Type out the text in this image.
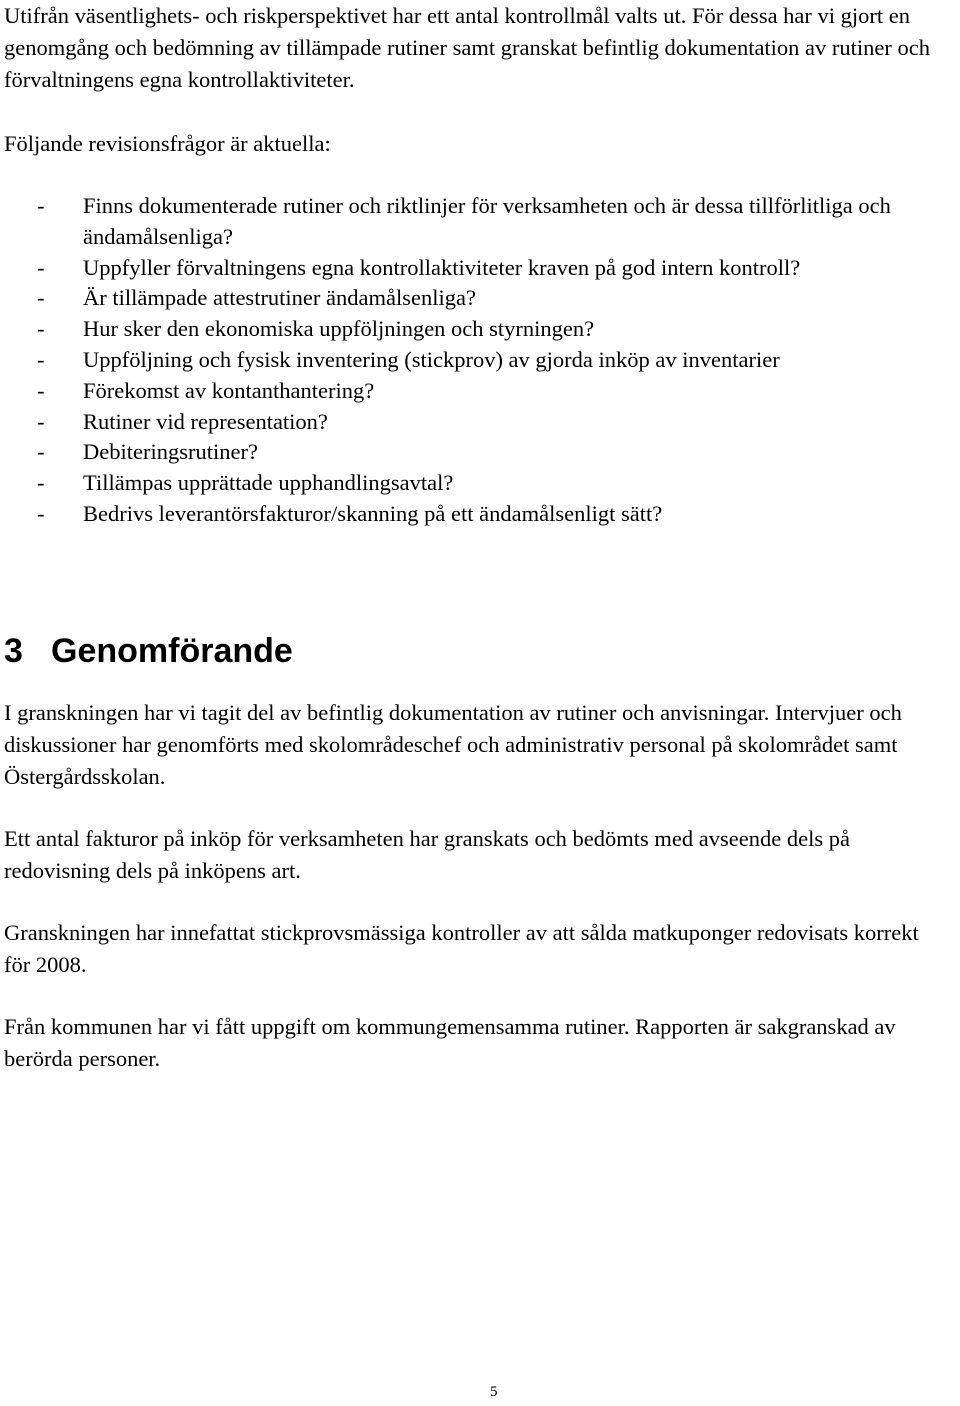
Utifrån väsentlighets- och riskperspektivet har ett antal kontrollmål valts ut. För dessa har vi gjort en genomgång och bedömning av tillämpade rutiner samt granskat befintlig dokumentation av rutiner och förvaltningens egna kontrollaktiviteter.

Följande revisionsfrågor är aktuella:

- Finns dokumenterade rutiner och riktlinjer för verksamheten och är dessa tillförlitliga och ändamålsenliga?
- Uppfyller förvaltningens egna kontrollaktiviteter kraven på god intern kontroll?
- Är tillämpade attestrutiner ändamålsenliga?
- Hur sker den ekonomiska uppföljningen och styrningen?
- Uppföljning och fysisk inventering (stickprov) av gjorda inköp av inventarier
- Förekomst av kontanthantering?
- Rutiner vid representation?
- Debiteringsrutiner?
- Tillämpas upprättade upphandlingsavtal?
- Bedrivs leverantörsfakturor/skanning på ett ändamålsenligt sätt?
3 Genomförande

I granskningen har vi tagit del av befintlig dokumentation av rutiner och anvisningar. Intervjuer och diskussioner har genomförts med skolområdeschef och administrativ personal på skolområdet samt Östergårdsskolan.

Ett antal fakturor på inköp för verksamheten har granskats och bedömts med avseende dels på redovisning dels på inköpens art.

Granskningen har innefattat stickprovsmässiga kontroller av att sålda matkuponger redovisats korrekt för 2008.

Från kommunen har vi fått uppgift om kommungemensamma rutiner. Rapporten är sakgranskad av berörda personer.

5
